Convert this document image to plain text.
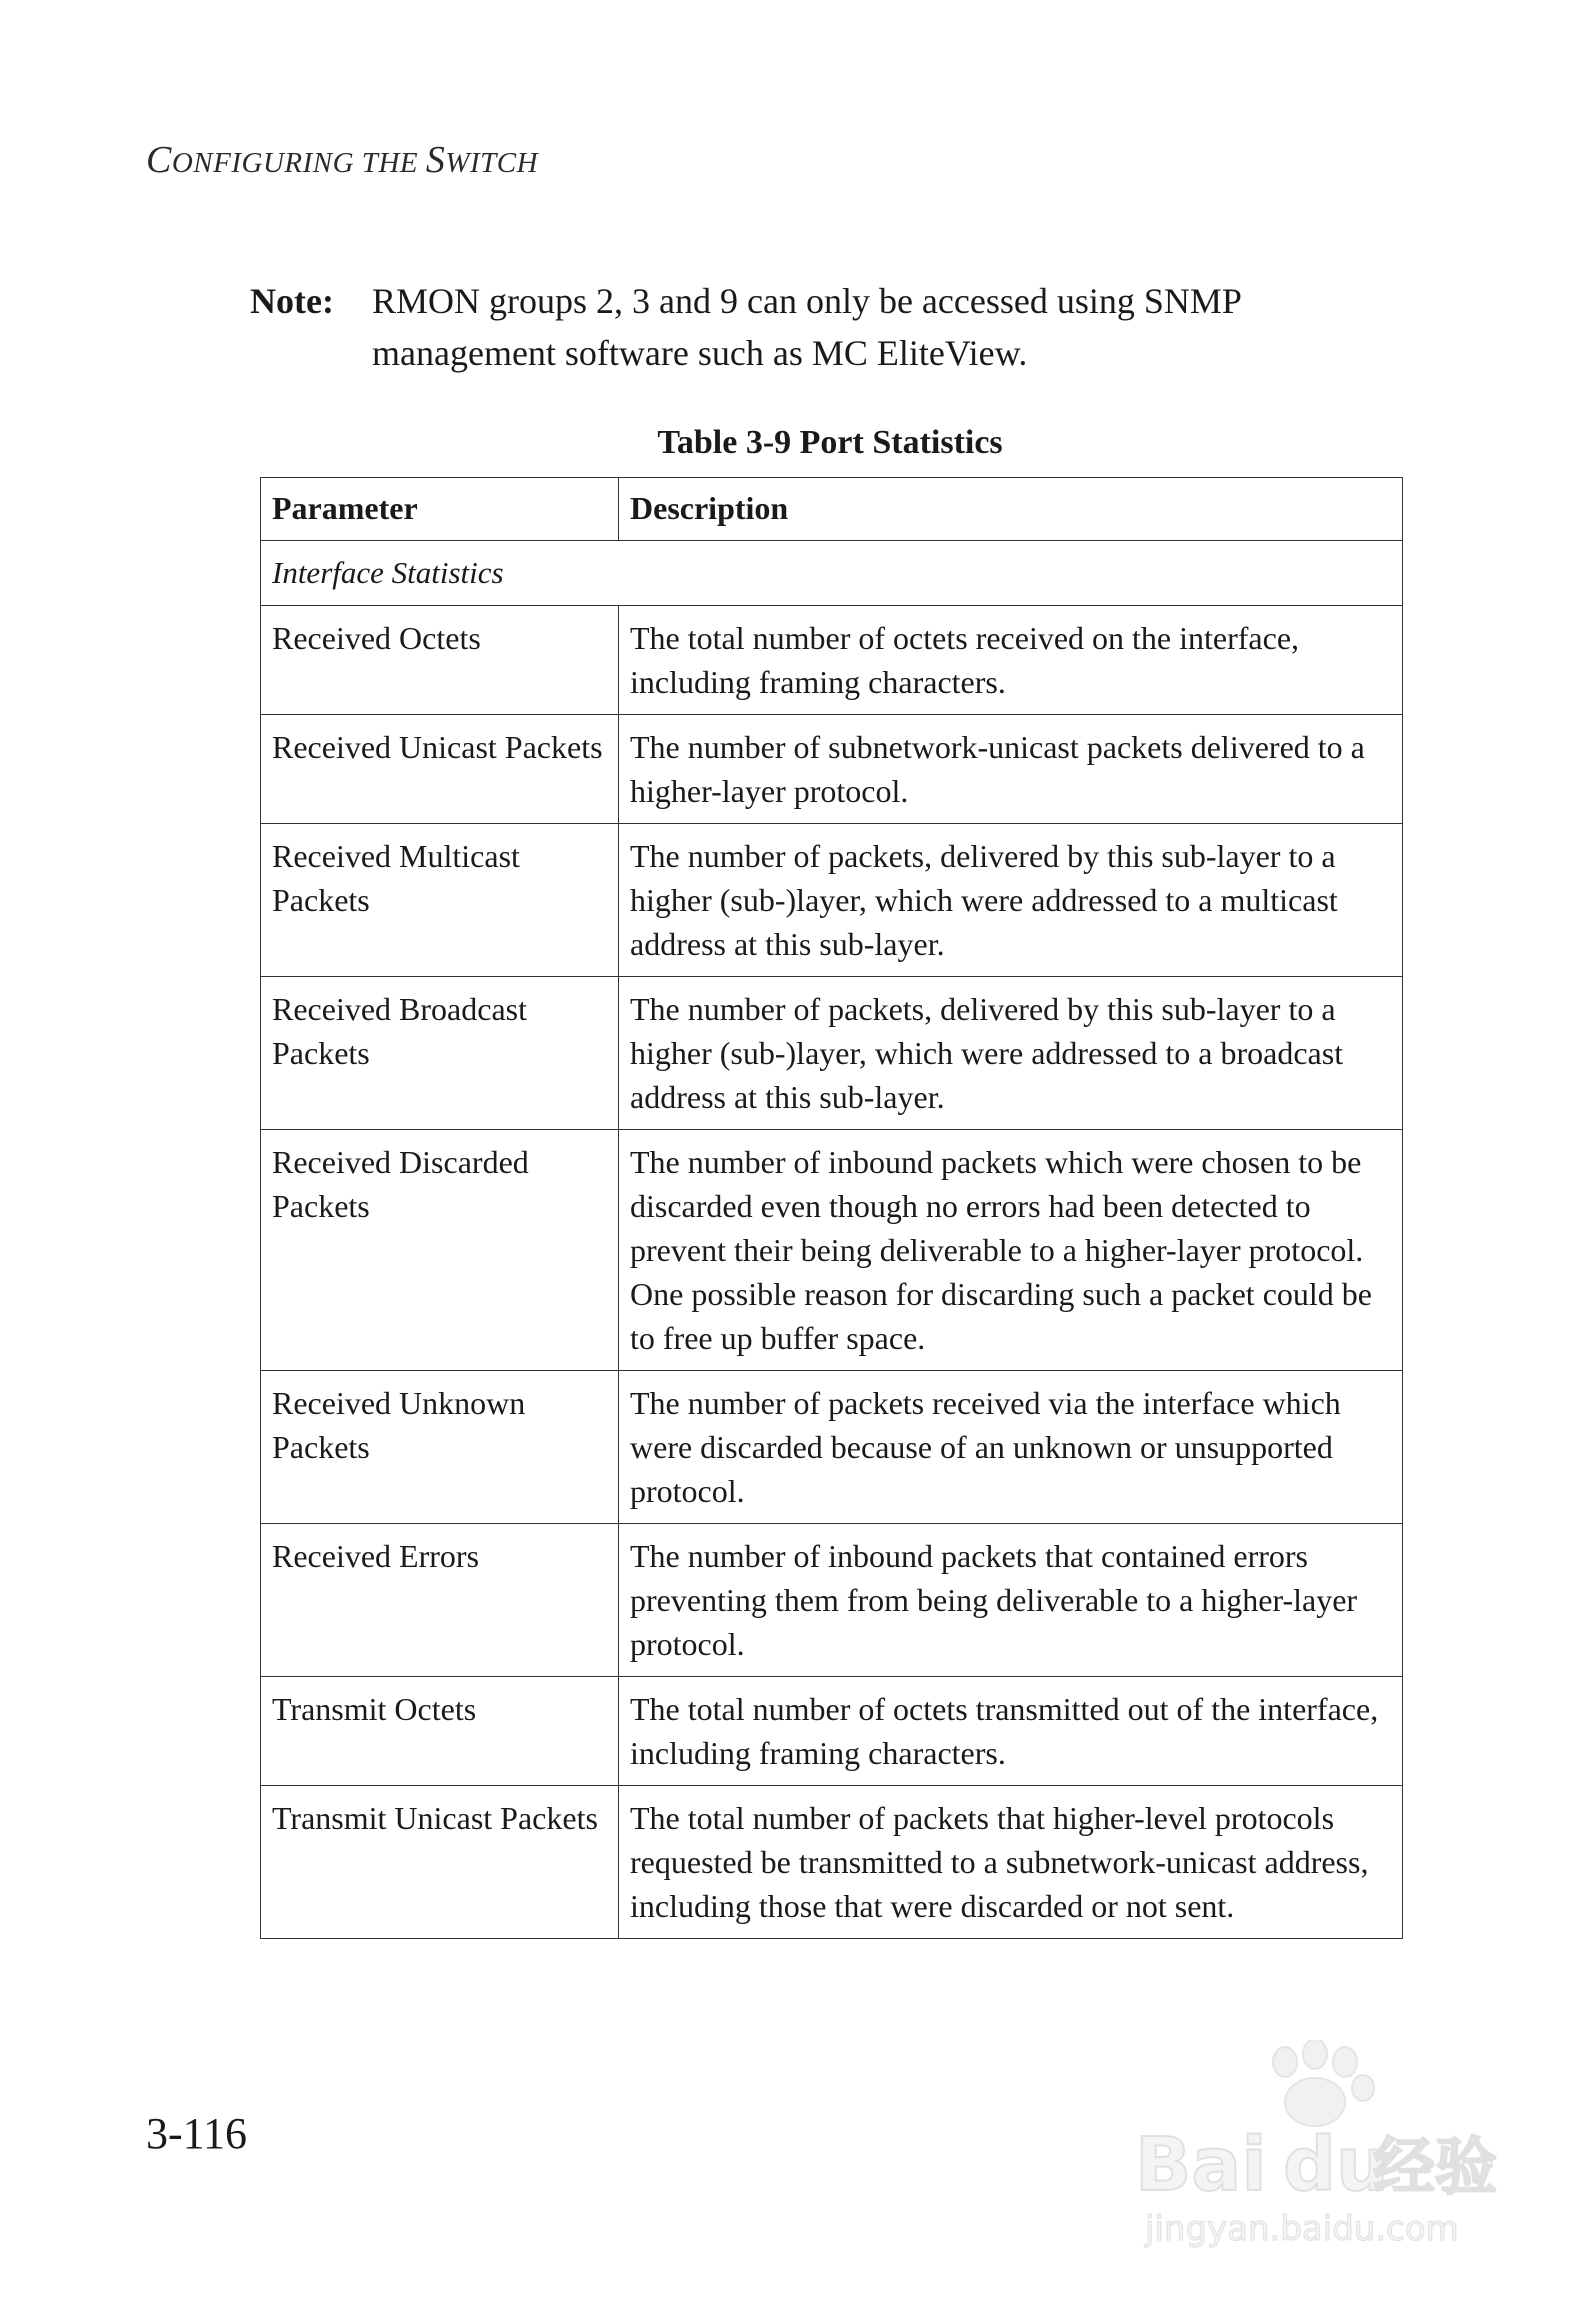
CONFIGURING THE SWITCH
Note: RMON groups 2, 3 and 9 can only be accessed using SNMP management software such as MC EliteView.
Table 3-9 Port Statistics
Parameter	Description
Interface Statistics	
Received Octets	The total number of octets received on the interface, including framing characters.
Received Unicast Packets	The number of subnetwork-unicast packets delivered to a higher-layer protocol.
Received Multicast Packets	The number of packets, delivered by this sub-layer to a higher (sub-)layer, which were addressed to a multicast address at this sub-layer.
Received Broadcast Packets	The number of packets, delivered by this sub-layer to a higher (sub-)layer, which were addressed to a broadcast address at this sub-layer.
Received Discarded Packets	The number of inbound packets which were chosen to be discarded even though no errors had been detected to prevent their being deliverable to a higher-layer protocol. One possible reason for discarding such a packet could be to free up buffer space.
Received Unknown Packets	The number of packets received via the interface which were discarded because of an unknown or unsupported protocol.
Received Errors	The number of inbound packets that contained errors preventing them from being deliverable to a higher-layer protocol.
Transmit Octets	The total number of octets transmitted out of the interface, including framing characters.
Transmit Unicast Packets	The total number of packets that higher-level protocols requested be transmitted to a subnetwork-unicast address, including those that were discarded or not sent.
3-116	Bai du
经验
jingyan.baidu.com
